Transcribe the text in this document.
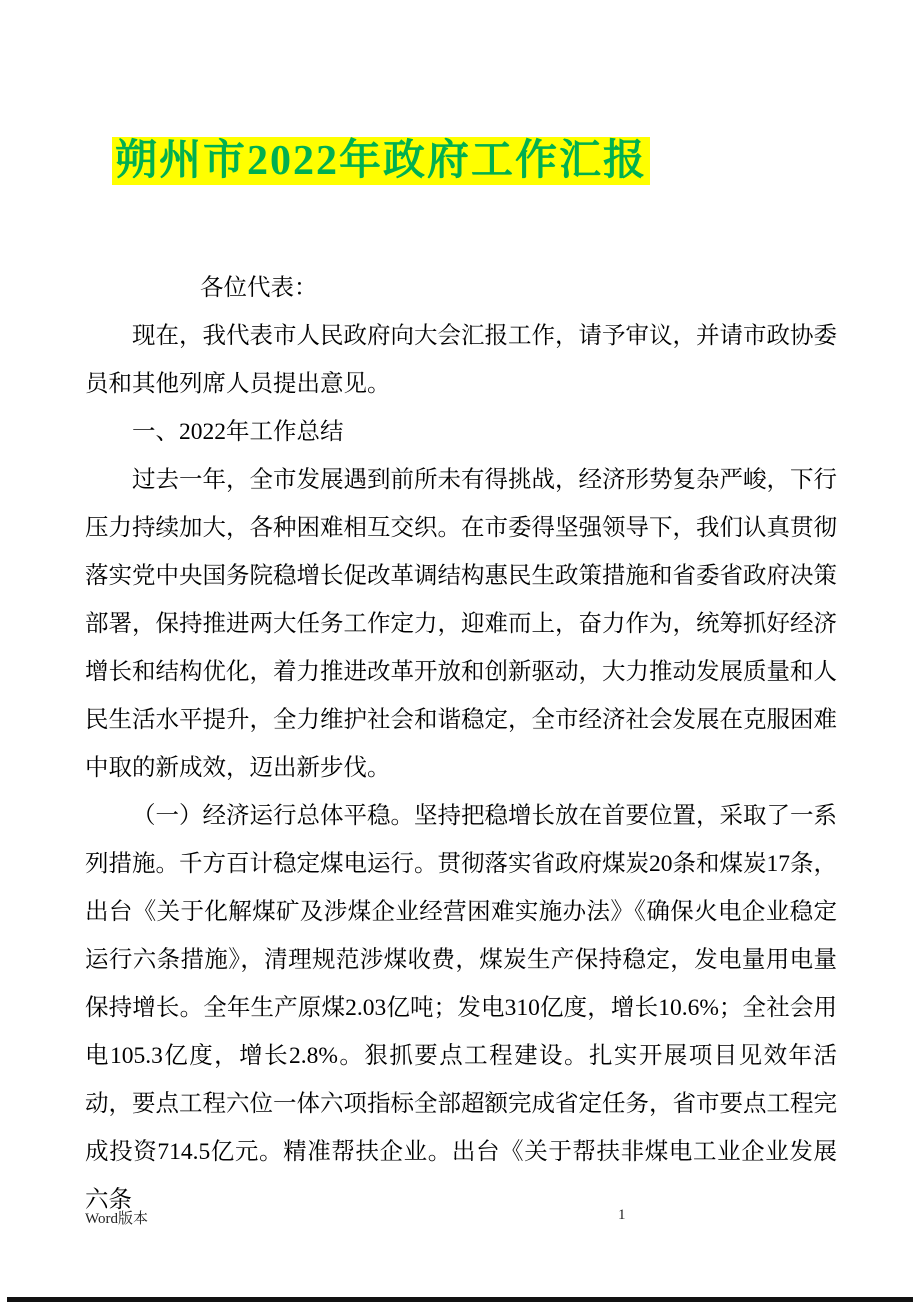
朔州市2022年政府工作汇报

各位代表：

现在，我代表市人民政府向大会汇报工作，请予审议，并请市政协委员和其他列席人员提出意见。

一、2022年工作总结

过去一年，全市发展遇到前所未有得挑战，经济形势复杂严峻，下行压力持续加大，各种困难相互交织。在市委得坚强领导下，我们认真贯彻落实党中央国务院稳增长促改革调结构惠民生政策措施和省委省政府决策部署，保持推进两大任务工作定力，迎难而上，奋力作为，统筹抓好经济增长和结构优化，着力推进改革开放和创新驱动，大力推动发展质量和人民生活水平提升，全力维护社会和谐稳定，全市经济社会发展在克服困难中取的新成效，迈出新步伐。

（一）经济运行总体平稳。坚持把稳增长放在首要位置，采取了一系列措施。千方百计稳定煤电运行。贯彻落实省政府煤炭20条和煤炭17条，出台《关于化解煤矿及涉煤企业经营困难实施办法》《确保火电企业稳定运行六条措施》，清理规范涉煤收费，煤炭生产保持稳定，发电量用电量保持增长。全年生产原煤2.03亿吨；发电310亿度，增长10.6%；全社会用电105.3亿度，增长2.8%。狠抓要点工程建设。扎实开展项目见效年活动，要点工程六位一体六项指标全部超额完成省定任务，省市要点工程完成投资714.5亿元。精准帮扶企业。出台《关于帮扶非煤电工业企业发展六条

Word版本	1
